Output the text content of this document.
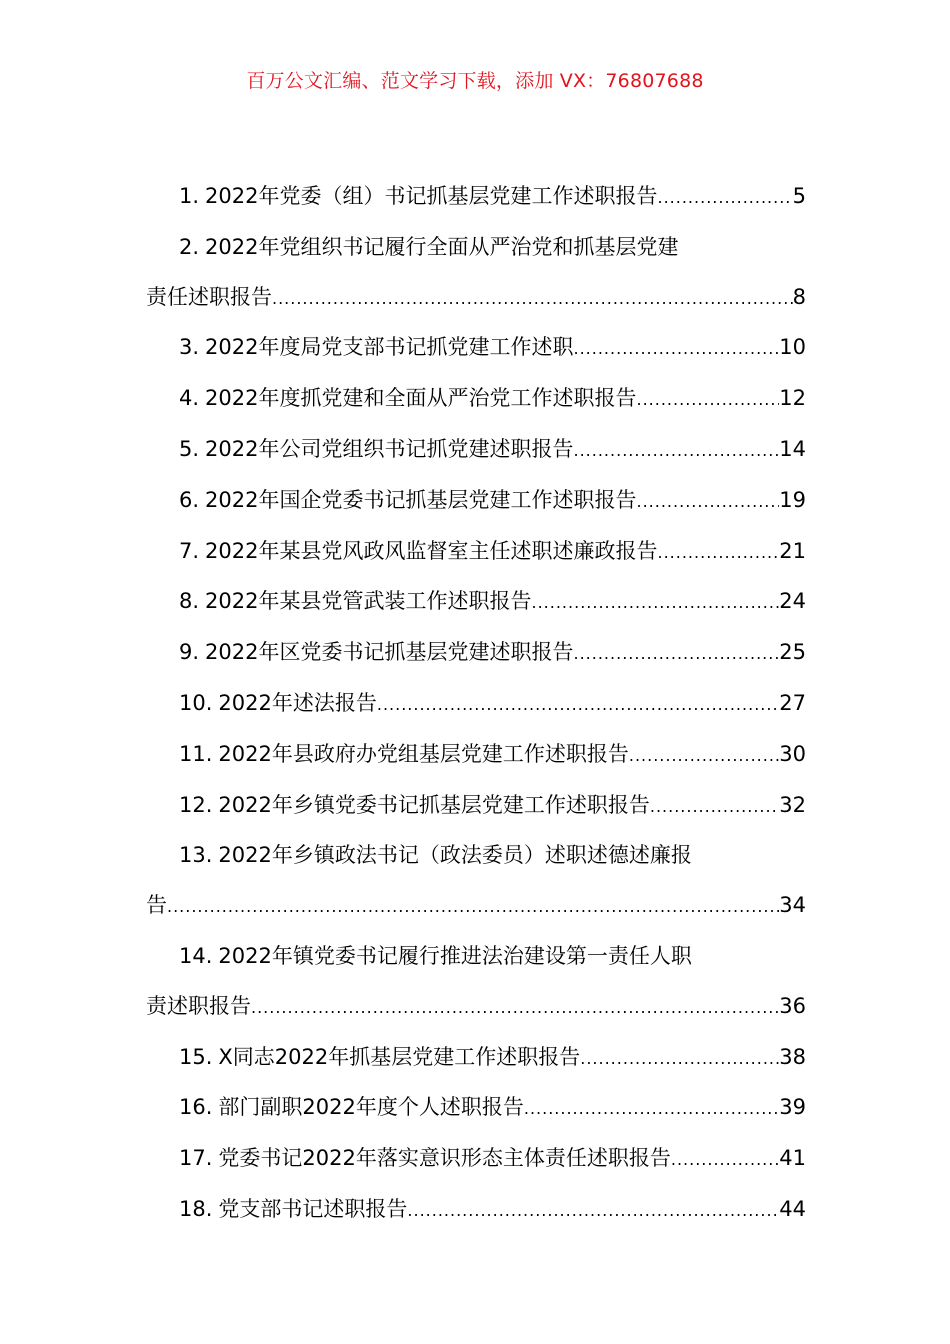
百万公文汇编、范文学习下载，添加 VX：76807688
1. 2022年党委（组）书记抓基层党建工作述职报告 .....	5
2. 2022年党组织书记履行全面从严治党和抓基层党建
责任述职报告 .....	8
3. 2022年度局党支部书记抓党建工作述职 .....	10
4. 2022年度抓党建和全面从严治党工作述职报告 .....	12
5. 2022年公司党组织书记抓党建述职报告 .....	14
6. 2022年国企党委书记抓基层党建工作述职报告 .....	19
7. 2022年某县党风政风监督室主任述职述廉政报告 .....	21
8. 2022年某县党管武装工作述职报告 .....	24
9. 2022年区党委书记抓基层党建述职报告 .....	25
10. 2022年述法报告 .....	27
11. 2022年县政府办党组基层党建工作述职报告 .....	30
12. 2022年乡镇党委书记抓基层党建工作述职报告 .....	32
13. 2022年乡镇政法书记（政法委员）述职述德述廉报
告 .....	34
14. 2022年镇党委书记履行推进法治建设第一责任人职
责述职报告 .....	36
15. X同志2022年抓基层党建工作述职报告 .....	38
16. 部门副职2022年度个人述职报告 .....	39
17. 党委书记2022年落实意识形态主体责任述职报告 .....	41
18. 党支部书记述职报告 .....	44
